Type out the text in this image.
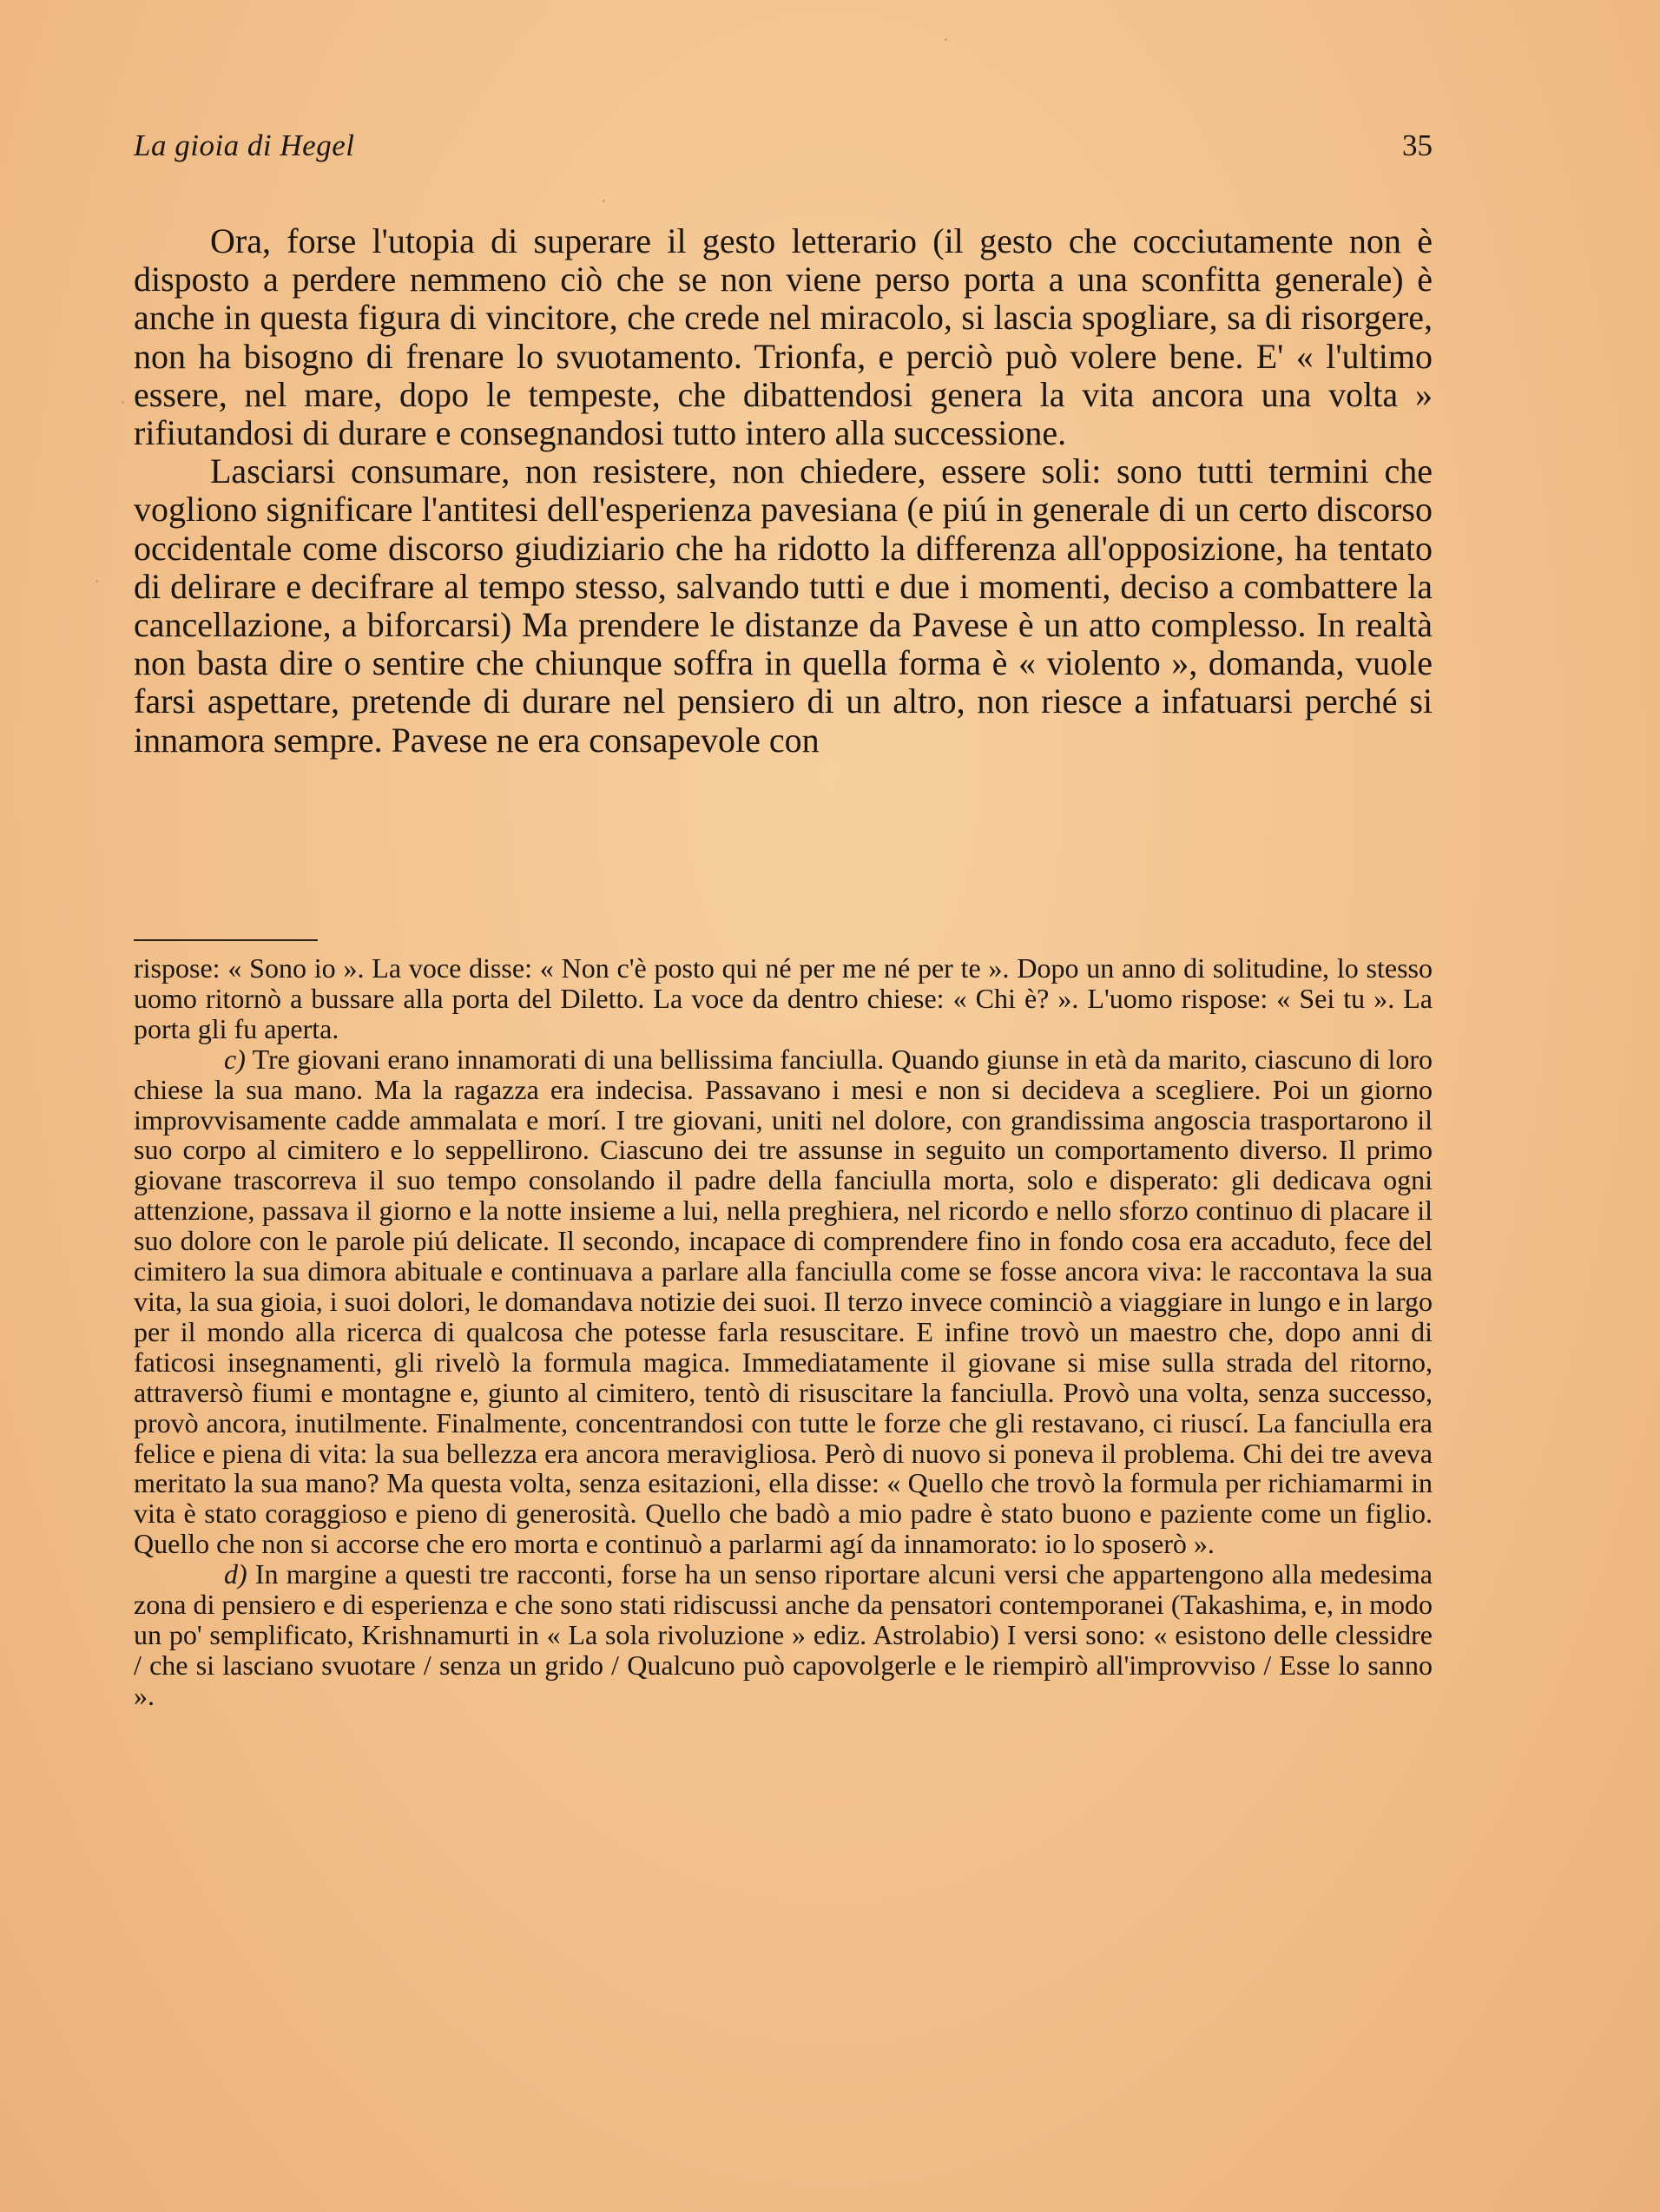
La gioia di Hegel	35

Ora, forse l'utopia di superare il gesto letterario (il gesto che cocciutamente non è disposto a perdere nemmeno ciò che se non viene perso porta a una sconfitta generale) è anche in questa figura di vincitore, che crede nel miracolo, si lascia spogliare, sa di risorgere, non ha bisogno di frenare lo svuotamento. Trionfa, e perciò può volere bene. E' « l'ultimo essere, nel mare, dopo le tempeste, che dibattendosi genera la vita ancora una volta » rifiutandosi di durare e consegnandosi tutto intero alla successione.

Lasciarsi consumare, non resistere, non chiedere, essere soli: sono tutti termini che vogliono significare l'antitesi dell'esperienza pavesiana (e piú in generale di un certo discorso occidentale come discorso giudiziario che ha ridotto la differenza all'opposizione, ha tentato di delirare e decifrare al tempo stesso, salvando tutti e due i momenti, deciso a combattere la cancellazione, a biforcarsi) Ma prendere le distanze da Pavese è un atto complesso. In realtà non basta dire o sentire che chiunque soffra in quella forma è « violento », domanda, vuole farsi aspettare, pretende di durare nel pensiero di un altro, non riesce a infatuarsi perché si innamora sempre. Pavese ne era consapevole con

rispose: « Sono io ». La voce disse: « Non c'è posto qui né per me né per te ». Dopo un anno di solitudine, lo stesso uomo ritornò a bussare alla porta del Diletto. La voce da dentro chiese: « Chi è? ». L'uomo rispose: « Sei tu ». La porta gli fu aperta.

c) Tre giovani erano innamorati di una bellissima fanciulla. Quando giunse in età da marito, ciascuno di loro chiese la sua mano. Ma la ragazza era indecisa. Passavano i mesi e non si decideva a scegliere. Poi un giorno improvvisamente cadde ammalata e morí. I tre giovani, uniti nel dolore, con grandissima angoscia trasportarono il suo corpo al cimitero e lo seppellirono. Ciascuno dei tre assunse in seguito un comportamento diverso. Il primo giovane trascorreva il suo tempo consolando il padre della fanciulla morta, solo e disperato: gli dedicava ogni attenzione, passava il giorno e la notte insieme a lui, nella preghiera, nel ricordo e nello sforzo continuo di placare il suo dolore con le parole piú delicate. Il secondo, incapace di comprendere fino in fondo cosa era accaduto, fece del cimitero la sua dimora abituale e continuava a parlare alla fanciulla come se fosse ancora viva: le raccontava la sua vita, la sua gioia, i suoi dolori, le domandava notizie dei suoi. Il terzo invece cominciò a viaggiare in lungo e in largo per il mondo alla ricerca di qualcosa che potesse farla resuscitare. E infine trovò un maestro che, dopo anni di faticosi insegnamenti, gli rivelò la formula magica. Immediatamente il giovane si mise sulla strada del ritorno, attraversò fiumi e montagne e, giunto al cimitero, tentò di risuscitare la fanciulla. Provò una volta, senza successo, provò ancora, inutilmente. Finalmente, concentrandosi con tutte le forze che gli restavano, ci riuscí. La fanciulla era felice e piena di vita: la sua bellezza era ancora meravigliosa. Però di nuovo si poneva il problema. Chi dei tre aveva meritato la sua mano? Ma questa volta, senza esitazioni, ella disse: « Quello che trovò la formula per richiamarmi in vita è stato coraggioso e pieno di generosità. Quello che badò a mio padre è stato buono e paziente come un figlio. Quello che non si accorse che ero morta e continuò a parlarmi agí da innamorato: io lo sposerò ».

d) In margine a questi tre racconti, forse ha un senso riportare alcuni versi che appartengono alla medesima zona di pensiero e di esperienza e che sono stati ridiscussi anche da pensatori contemporanei (Takashima, e, in modo un po' semplificato, Krishnamurti in « La sola rivoluzione » ediz. Astrolabio) I versi sono: « esistono delle clessidre / che si lasciano svuotare / senza un grido / Qualcuno può capovolgerle e le riempirò all'improvviso / Esse lo sanno ».
